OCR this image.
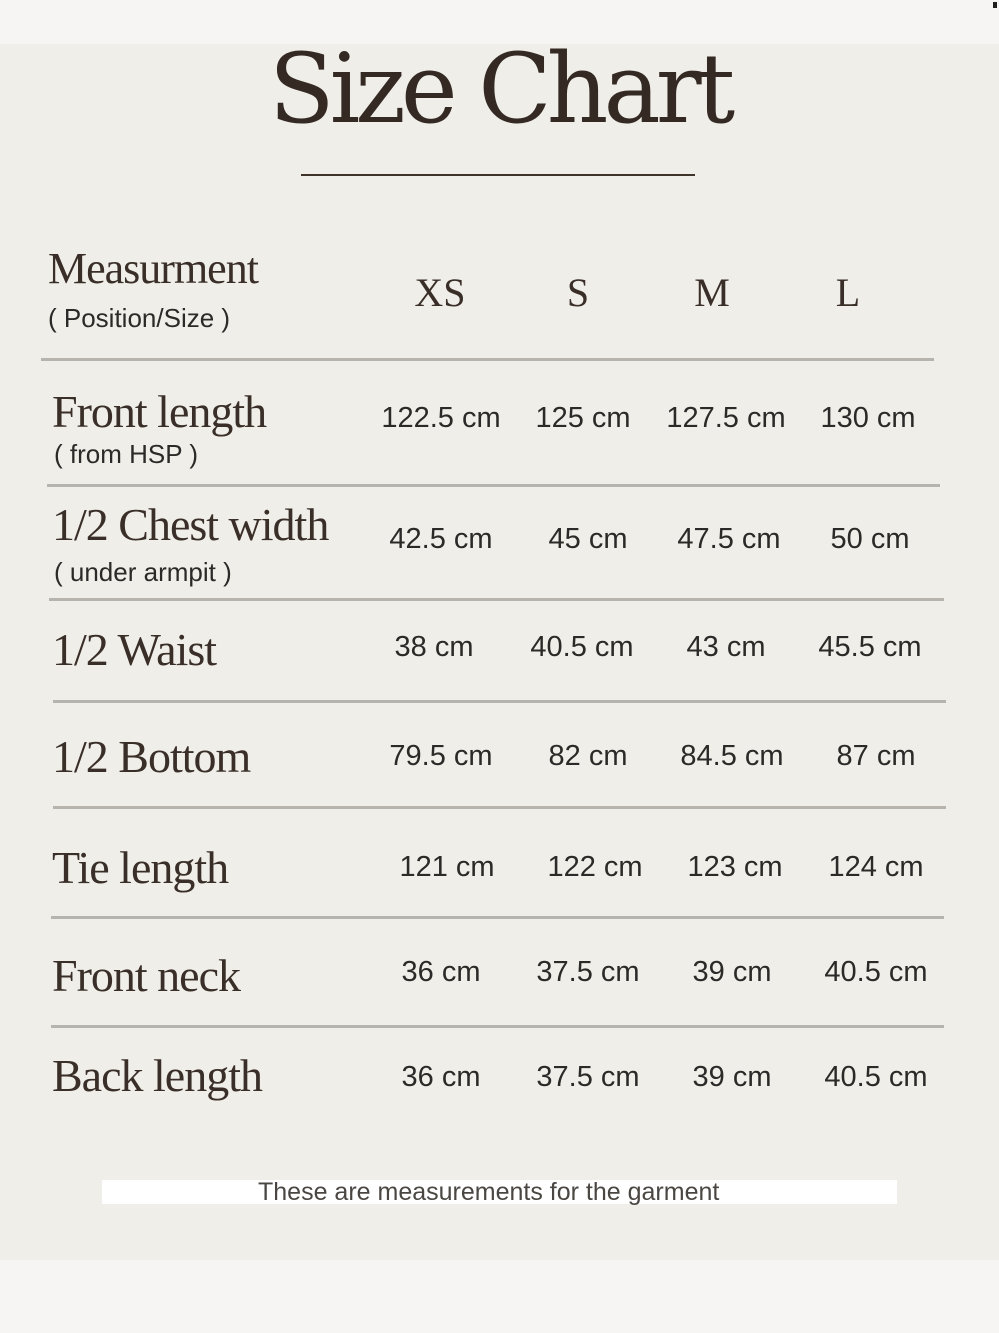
Size Chart
Measurment
( Position/Size )
XS	S	M	L
Front length
( from HSP )
122.5 cm	125 cm	127.5 cm	130 cm
1/2 Chest width
( under armpit )
42.5 cm	45 cm	47.5 cm	50 cm
1/2 Waist	38 cm	40.5 cm	43 cm	45.5 cm
1/2 Bottom	79.5 cm	82 cm	84.5 cm	87 cm
Tie length	121 cm	122 cm	123 cm	124 cm
Front neck	36 cm	37.5 cm	39 cm	40.5 cm
Back length	36 cm	37.5 cm	39 cm	40.5 cm
These are measurements for the garment
